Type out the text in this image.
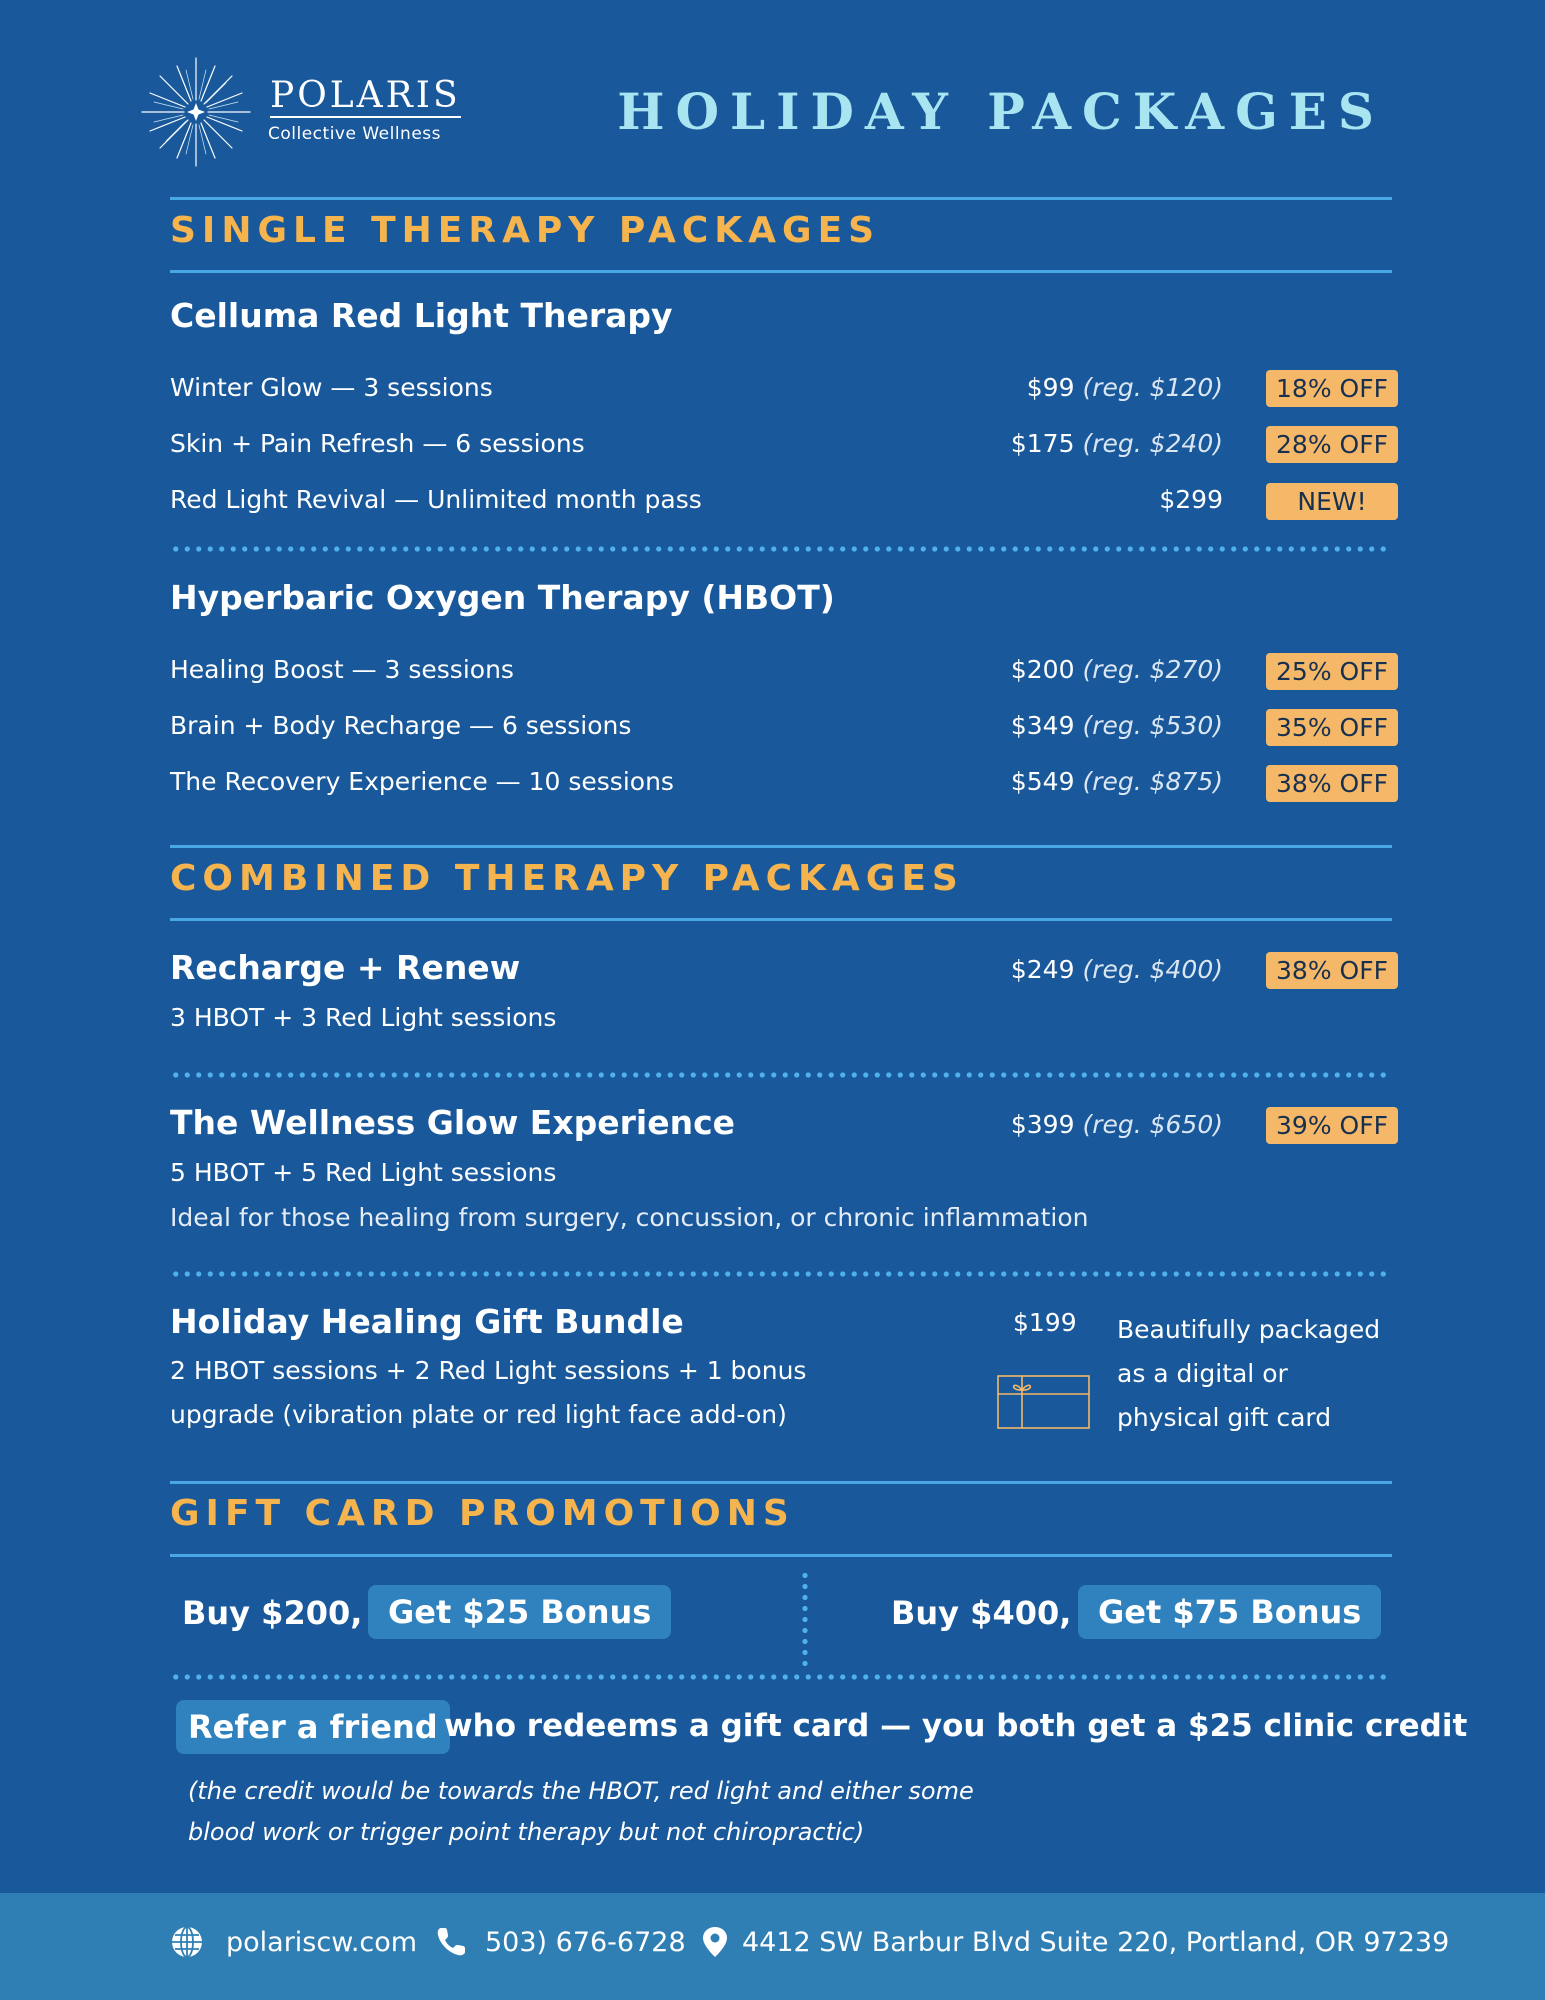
POLARIS
Collective Wellness	HOLIDAY PACKAGES
SINGLE THERAPY PACKAGES
Celluma Red Light Therapy
Winter Glow — 3 sessions	$99 (reg. $120)	18% OFF
Skin + Pain Refresh — 6 sessions	$175 (reg. $240)	28% OFF
Red Light Revival — Unlimited month pass	$299	NEW!
Hyperbaric Oxygen Therapy (HBOT)
Healing Boost — 3 sessions	$200 (reg. $270)	25% OFF
Brain + Body Recharge — 6 sessions	$349 (reg. $530)	35% OFF
The Recovery Experience — 10 sessions	$549 (reg. $875)	38% OFF
COMBINED THERAPY PACKAGES
Recharge + Renew
3 HBOT + 3 Red Light sessions
$249 (reg. $400)	38% OFF
The Wellness Glow Experience
5 HBOT + 5 Red Light sessions
Ideal for those healing from surgery, concussion, or chronic inflammation
$399 (reg. $650)	39% OFF
Holiday Healing Gift Bundle
2 HBOT sessions + 2 Red Light sessions + 1 bonus
upgrade (vibration plate or red light face add-on)
$199 Beautifully packaged
as a digital or
physical gift card
GIFT CARD PROMOTIONS
Buy $200, Get $25 Bonus	Buy $400, Get $75 Bonus
Refer a friend who redeems a gift card — you both get a $25 clinic credit
(the credit would be towards the HBOT, red light and either some
blood work or trigger point therapy but not chiropractic)
polariscw.com	503) 676-6728 4412 SW Barbur Blvd Suite 220, Portland, OR 97239
